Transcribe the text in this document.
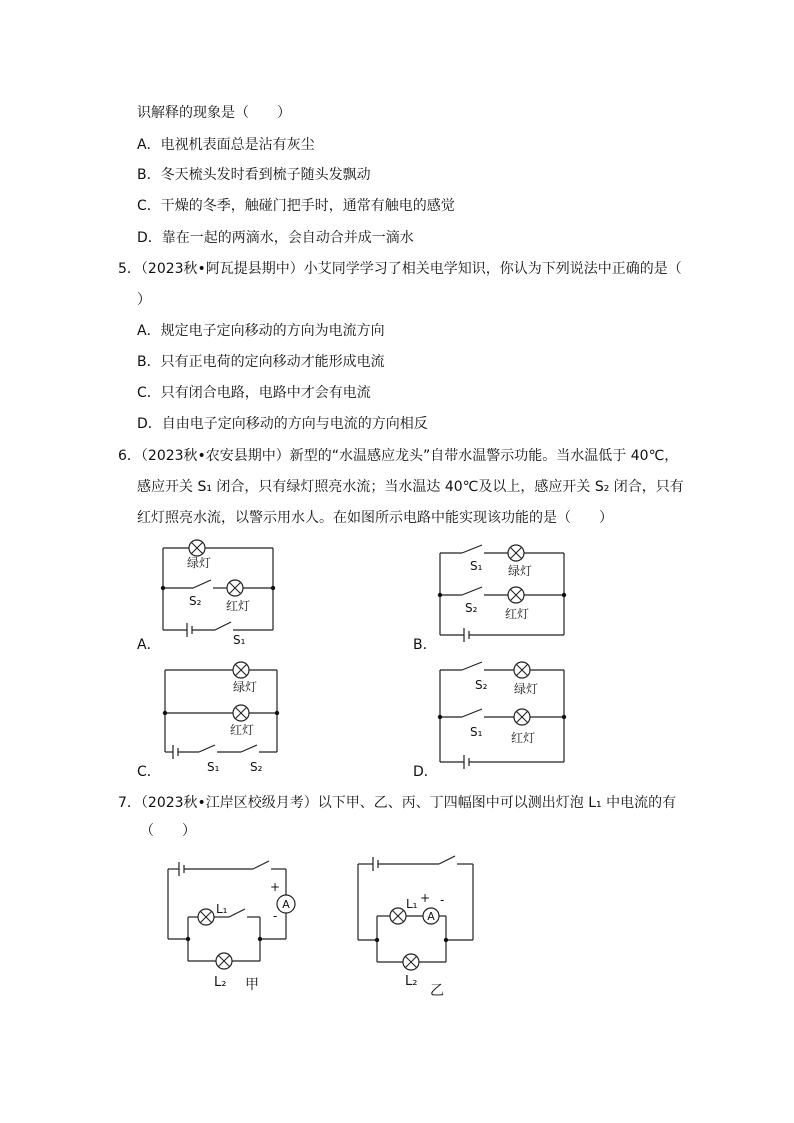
识解释的现象是（　　）
A．电视机表面总是沾有灰尘
B．冬天梳头发时看到梳子随头发飘动
C．干燥的冬季，触碰门把手时，通常有触电的感觉
D．靠在一起的两滴水，会自动合并成一滴水
5．（2023秋•阿瓦提县期中）小艾同学学习了相关电学知识，你认为下列说法中正确的是（
）
A．规定电子定向移动的方向为电流方向
B．只有正电荷的定向移动才能形成电流
C．只有闭合电路，电路中才会有电流
D．自由电子定向移动的方向与电流的方向相反
6．（2023秋•农安县期中）新型的“水温感应龙头”自带水温警示功能。当水温低于 40℃，
感应开关 S₁ 闭合，只有绿灯照亮水流；当水温达 40℃及以上，感应开关 S₂ 闭合，只有
红灯照亮水流，以警示用水人。在如图所示电路中能实现该功能的是（　　）
绿灯
S₂ 红灯
S₁
A．
S₁ 绿灯
S₂ 红灯
B．
绿灯
红灯
S₁	S₂
C．
S₂ 绿灯
S₁ 红灯
D．
7．（2023秋•江岸区校级月考）以下甲、乙、丙、丁四幅图中可以测出灯泡 L₁ 中电流的有
（　　）
A
+
-
L₁
L₂ 甲
A
L₁ + -
L₂
乙
